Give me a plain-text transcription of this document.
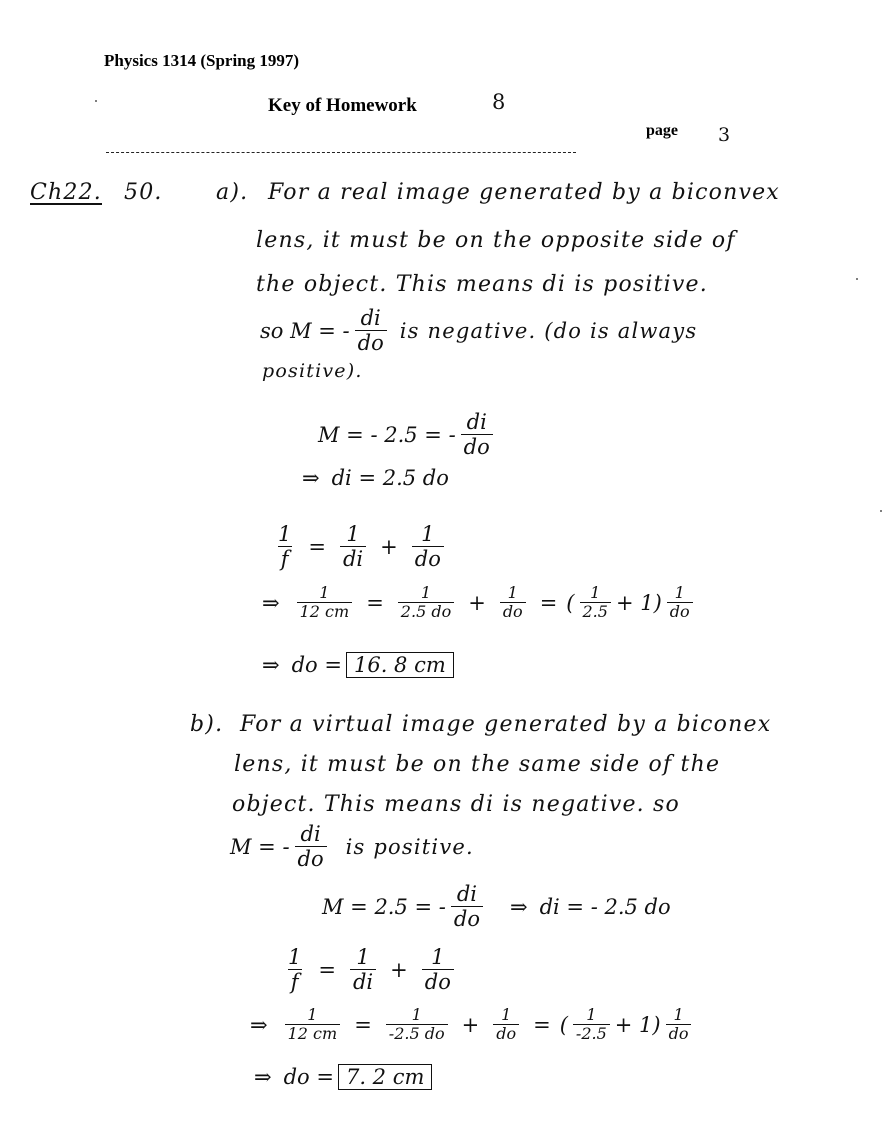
Physics 1314 (Spring 1997)
Key of Homework	8
page 3
Ch22. 50. a). For a real image generated by a biconvex
lens, it must be on the opposite side of
the object. This means di is positive.
so M = - $\frac{di}{do}$ is negative. (do is always
positive).
M = - 2.5 = - $\frac{di}{do}$
⇒ di = 2.5 do
$\frac{1}{f} = \frac{1}{di} + \frac{1}{do}$
⇒ $\frac{1}{12 cm} = \frac{1}{2.5 do} + \frac{1}{do}$ = ( $\frac{1}{2.5} + 1) \frac{1}{do}$
⇒ do = 16. 8 cm
b). For a virtual image generated by a biconex
lens, it must be on the same side of the
object. This means di is negative. so
M = - $\frac{di}{do}$ is positive.
M = 2.5 = - $\frac{di}{do}$ ⇒ di = - 2.5 do
$\frac{1}{f} = \frac{1}{di} + \frac{1}{do}$
⇒ $\frac{1}{12 cm} = \frac{1}{-2.5 do} + \frac{1}{do}$ = ( $\frac{1}{-2.5} + 1) \frac{1}{do}$
⇒ do = 7. 2 cm
